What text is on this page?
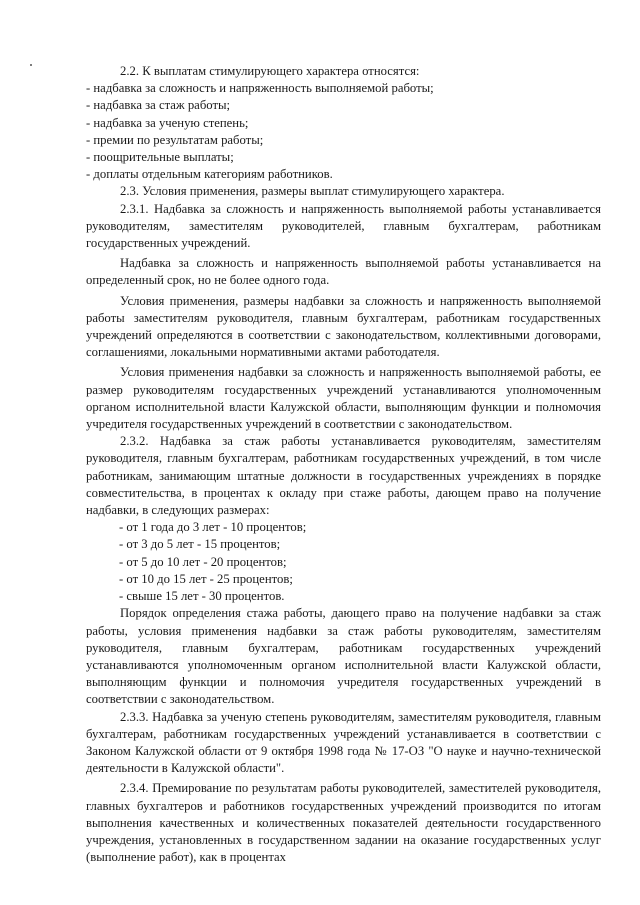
2.2. К выплатам стимулирующего характера относятся:

- надбавка за сложность и напряженность выполняемой работы;

- надбавка за стаж работы;

- надбавка за ученую степень;

- премии по результатам работы;

- поощрительные выплаты;

- доплаты отдельным категориям работников.

2.3. Условия применения, размеры выплат стимулирующего характера.

2.3.1. Надбавка за сложность и напряженность выполняемой работы устанавливается руководителям, заместителям руководителей, главным бухгалтерам, работникам государственных учреждений.

Надбавка за сложность и напряженность выполняемой работы устанавливается на определенный срок, но не более одного года.

Условия применения, размеры надбавки за сложность и напряженность выполняемой работы заместителям руководителя, главным бухгалтерам, работникам государственных учреждений определяются в соответствии с законодательством, коллективными договорами, соглашениями, локальными нормативными актами работодателя.

Условия применения надбавки за сложность и напряженность выполняемой работы, ее размер руководителям государственных учреждений устанавливаются уполномоченным органом исполнительной власти Калужской области, выполняющим функции и полномочия учредителя государственных учреждений в соответствии с законодательством.

2.3.2. Надбавка за стаж работы устанавливается руководителям, заместителям руководителя, главным бухгалтерам, работникам государственных учреждений, в том числе работникам, занимающим штатные должности в государственных учреждениях в порядке совместительства, в процентах к окладу при стаже работы, дающем право на получение надбавки, в следующих размерах:

- от 1 года до 3 лет - 10 процентов;

- от 3 до 5 лет - 15 процентов;

- от 5 до 10 лет - 20 процентов;

- от 10 до 15 лет - 25 процентов;

- свыше 15 лет - 30 процентов.

Порядок определения стажа работы, дающего право на получение надбавки за стаж работы, условия применения надбавки за стаж работы руководителям, заместителям руководителя, главным бухгалтерам, работникам государственных учреждений устанавливаются уполномоченным органом исполнительной власти Калужской области, выполняющим функции и полномочия учредителя государственных учреждений в соответствии с законодательством.

2.3.3. Надбавка за ученую степень руководителям, заместителям руководителя, главным бухгалтерам, работникам государственных учреждений устанавливается в соответствии с Законом Калужской области от 9 октября 1998 года № 17-ОЗ "О науке и научно-технической деятельности в Калужской области".

2.3.4. Премирование по результатам работы руководителей, заместителей руководителя, главных бухгалтеров и работников государственных учреждений производится по итогам выполнения качественных и количественных показателей деятельности государственного учреждения, установленных в государственном задании на оказание государственных услуг (выполнение работ), как в процентах
